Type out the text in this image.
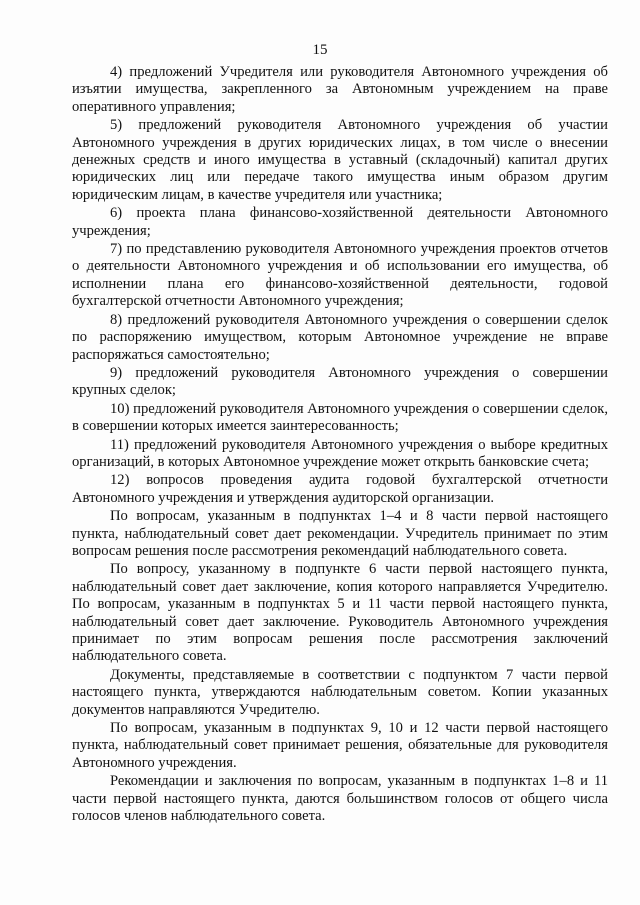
15

4) предложений Учредителя или руководителя Автономного учреждения об изъятии имущества, закрепленного за Автономным учреждением на праве оперативного управления;

5) предложений руководителя Автономного учреждения об участии Автономного учреждения в других юридических лицах, в том числе о внесении денежных средств и иного имущества в уставный (складочный) капитал других юридических лиц или передаче такого имущества иным образом другим юридическим лицам, в качестве учредителя или участника;

6) проекта плана финансово-хозяйственной деятельности Автономного учреждения;

7) по представлению руководителя Автономного учреждения проектов отчетов о деятельности Автономного учреждения и об использовании его имущества, об исполнении плана его финансово-хозяйственной деятельности, годовой бухгалтерской отчетности Автономного учреждения;

8) предложений руководителя Автономного учреждения о совершении сделок по распоряжению имуществом, которым Автономное учреждение не вправе распоряжаться самостоятельно;

9) предложений руководителя Автономного учреждения о совершении крупных сделок;

10) предложений руководителя Автономного учреждения о совершении сделок, в совершении которых имеется заинтересованность;

11) предложений руководителя Автономного учреждения о выборе кредитных организаций, в которых Автономное учреждение может открыть банковские счета;

12) вопросов проведения аудита годовой бухгалтерской отчетности Автономного учреждения и утверждения аудиторской организации.

По вопросам, указанным в подпунктах 1–4 и 8 части первой настоящего пункта, наблюдательный совет дает рекомендации. Учредитель принимает по этим вопросам решения после рассмотрения рекомендаций наблюдательного совета.

По вопросу, указанному в подпункте 6 части первой настоящего пункта, наблюдательный совет дает заключение, копия которого направляется Учредителю. По вопросам, указанным в подпунктах 5 и 11 части первой настоящего пункта, наблюдательный совет дает заключение. Руководитель Автономного учреждения принимает по этим вопросам решения после рассмотрения заключений наблюдательного совета.

Документы, представляемые в соответствии с подпунктом 7 части первой настоящего пункта, утверждаются наблюдательным советом. Копии указанных документов направляются Учредителю.

По вопросам, указанным в подпунктах 9, 10 и 12 части первой настоящего пункта, наблюдательный совет принимает решения, обязательные для руководителя Автономного учреждения.

Рекомендации и заключения по вопросам, указанным в подпунктах 1–8 и 11 части первой настоящего пункта, даются большинством голосов от общего числа голосов членов наблюдательного совета.
